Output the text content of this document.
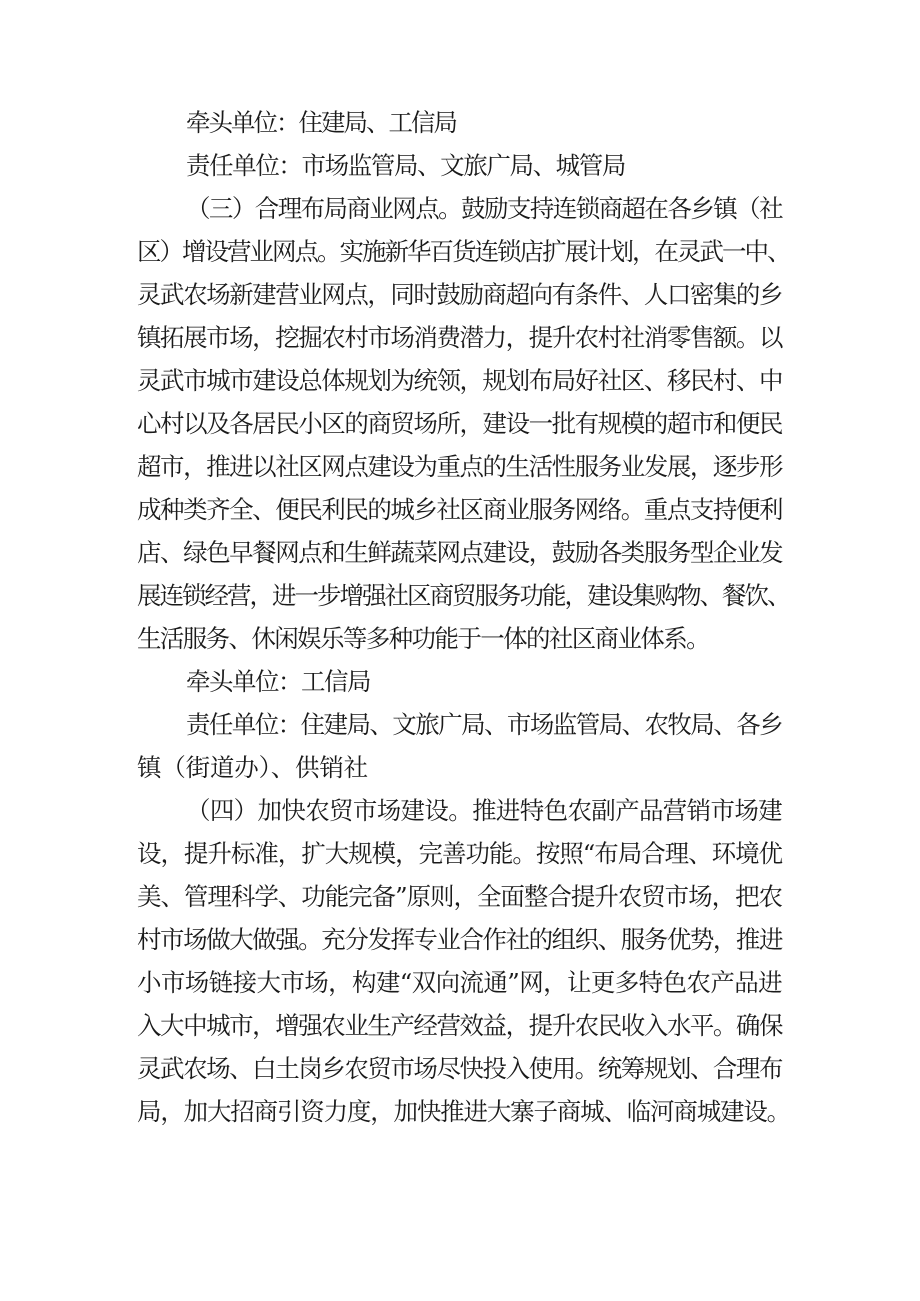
牵头单位：住建局、工信局
责任单位：市场监管局、文旅广局、城管局
（三）合理布局商业网点。鼓励支持连锁商超在各乡镇（社
区）增设营业网点。实施新华百货连锁店扩展计划，在灵武一中、
灵武农场新建营业网点，同时鼓励商超向有条件、人口密集的乡
镇拓展市场，挖掘农村市场消费潜力，提升农村社消零售额。以
灵武市城市建设总体规划为统领，规划布局好社区、移民村、中
心村以及各居民小区的商贸场所，建设一批有规模的超市和便民
超市，推进以社区网点建设为重点的生活性服务业发展，逐步形
成种类齐全、便民利民的城乡社区商业服务网络。重点支持便利
店、绿色早餐网点和生鲜蔬菜网点建设，鼓励各类服务型企业发
展连锁经营，进一步增强社区商贸服务功能，建设集购物、餐饮、
生活服务、休闲娱乐等多种功能于一体的社区商业体系。
牵头单位：工信局
责任单位：住建局、文旅广局、市场监管局、农牧局、各乡
镇（街道办）、供销社
（四）加快农贸市场建设。推进特色农副产品营销市场建
设，提升标准，扩大规模，完善功能。按照“布局合理、环境优
美、管理科学、功能完备”原则，全面整合提升农贸市场，把农
村市场做大做强。充分发挥专业合作社的组织、服务优势，推进
小市场链接大市场，构建“双向流通”网，让更多特色农产品进
入大中城市，增强农业生产经营效益，提升农民收入水平。确保
灵武农场、白土岗乡农贸市场尽快投入使用。统筹规划、合理布
局，加大招商引资力度，加快推进大寨子商城、临河商城建设。
